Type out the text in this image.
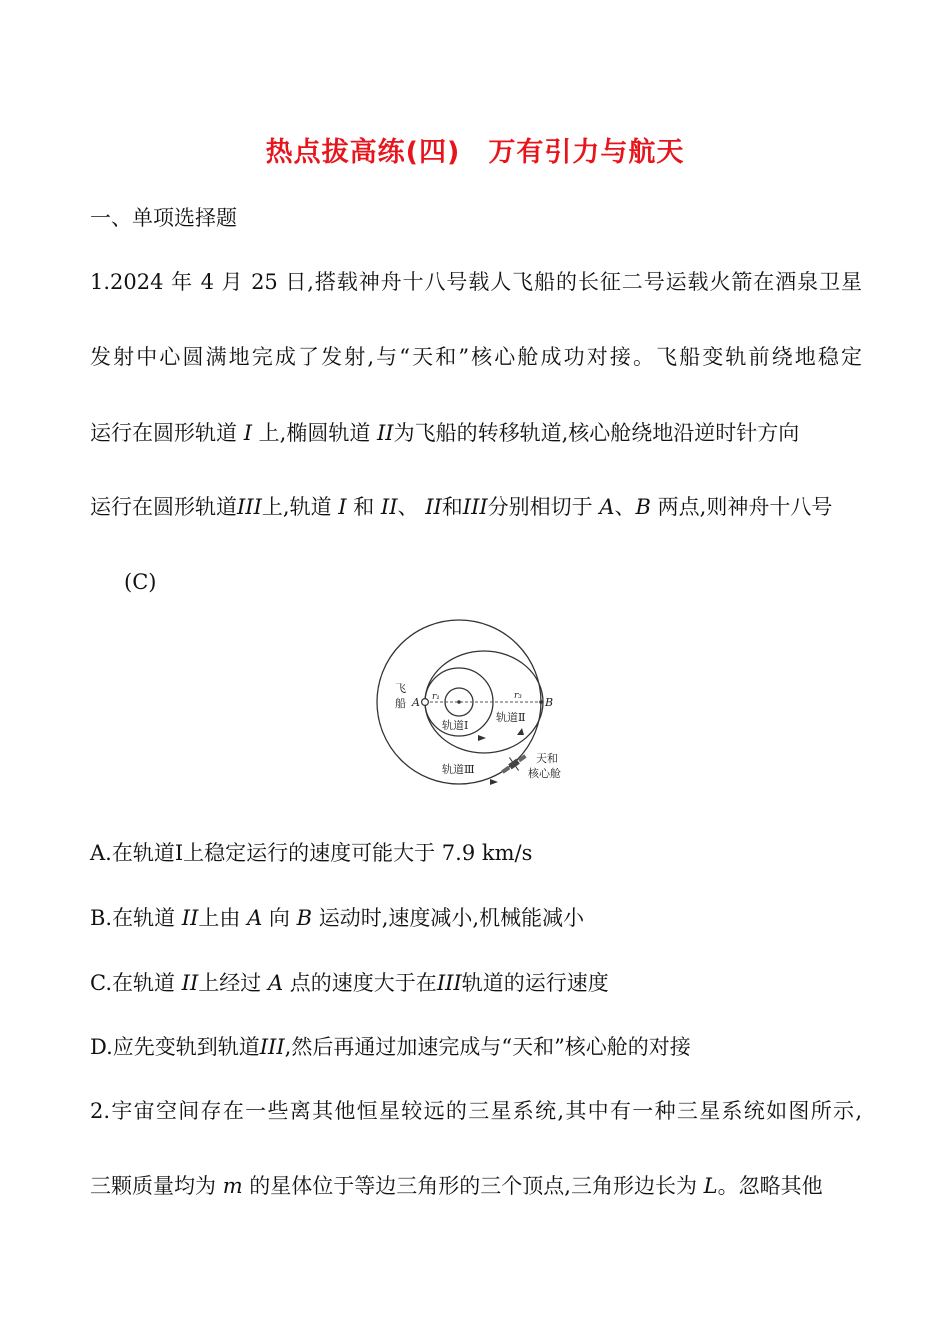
热点拔高练(四)　万有引力与航天
一、单项选择题
1.2024 年 4 月 25 日,搭载神舟十八号载人飞船的长征二号运载火箭在酒泉卫星
发射中心圆满地完成了发射,与“天和”核心舱成功对接。飞船变轨前绕地稳定
运行在圆形轨道 I 上,椭圆轨道 II为飞船的转移轨道,核心舱绕地沿逆时针方向
运行在圆形轨道III上,轨道 I 和 II、 II和III分别相切于 A、B 两点,则神舟十八号
(C)
飞
船 A	B
r₁	r₃
轨道Ⅰ
轨道Ⅱ
轨道Ⅲ
天和
核心舱
A.在轨道Ⅰ上稳定运行的速度可能大于 7.9 km/s
B.在轨道 II上由 A 向 B 运动时,速度减小,机械能减小
C.在轨道 II上经过 A 点的速度大于在III轨道的运行速度
D.应先变轨到轨道III,然后再通过加速完成与“天和”核心舱的对接
2.宇宙空间存在一些离其他恒星较远的三星系统,其中有一种三星系统如图所示,
三颗质量均为 m 的星体位于等边三角形的三个顶点,三角形边长为 L。忽略其他
